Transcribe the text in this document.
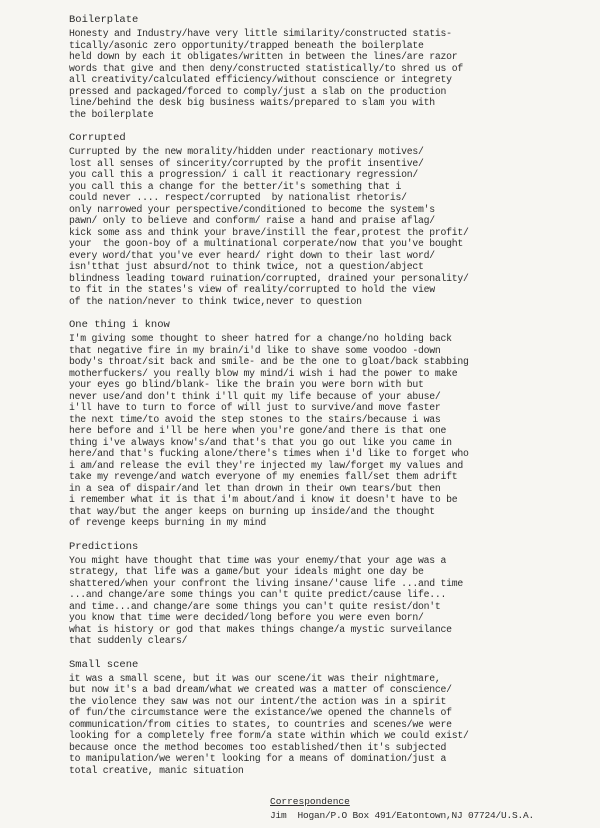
Boilerplate
Honesty and Industry/have very little similarity/constructed statis-
tically/asonic zero opportunity/trapped beneath the boilerplate
held down by each it obligates/written in between the lines/are razor
words that give and then deny/constructed statistically/to shred us of
all creativity/calculated efficiency/without conscience or integrety
pressed and packaged/forced to comply/just a slab on the production
line/behind the desk big business waits/prepared to slam you with
the boilerplate
Corrupted
Currupted by the new morality/hidden under reactionary motives/
lost all senses of sincerity/corrupted by the profit insentive/
you call this a progression/ i call it reactionary regression/
you call this a change for the better/it's something that i
could never .... respect/corrupted  by nationalist rhetoris/
only narrowed your perspective/conditioned to become the system's
pawn/ only to believe and conform/ raise a hand and praise aflag/
kick some ass and think your brave/instill the fear,protest the profit/
your  the goon-boy of a multinational corperate/now that you've bought
every word/that you've ever heard/ right down to their last word/
isn'tthat just absurd/not to think twice, not a question/abject
blindness leading toward ruination/corrupted, drained your personality/
to fit in the states's view of reality/corrupted to hold the view
of the nation/never to think twice,never to question
One thing i know
I'm giving some thought to sheer hatred for a change/no holding back
that negative fire in my brain/i'd like to shave some voodoo -down
body's throat/sit back and smile- and be the one to gloat/back stabbing
motherfuckers/ you really blow my mind/i wish i had the power to make
your eyes go blind/blank- like the brain you were born with but
never use/and don't think i'll quit my life because of your abuse/
i'll have to turn to force of will just to survive/and move faster
the next time/to avoid the step stones to the stairs/because i was
here before and i'll be here when you're gone/and there is that one
thing i've always know's/and that's that you go out like you came in
here/and that's fucking alone/there's times when i'd like to forget who
i am/and release the evil they're injected my law/forget my values and
take my revenge/and watch everyone of my enemies fall/set them adrift
in a sea of dispair/and let than drown in their own tears/but then
i remember what it is that i'm about/and i know it doesn't have to be
that way/but the anger keeps on burning up inside/and the thought
of revenge keeps burning in my mind
Predictions
You might have thought that time was your enemy/that your age was a
strategy, that life was a game/but your ideals might one day be
shattered/when your confront the living insane/'cause life ...and time
...and change/are some things you can't quite predict/cause life...
and time...and change/are some things you can't quite resist/don't
you know that time were decided/long before you were even born/
what is history or god that makes things change/a mystic surveilance
that suddenly clears/
Small scene
it was a small scene, but it was our scene/it was their nightmare,
but now it's a bad dream/what we created was a matter of conscience/
the violence they saw was not our intent/the action was in a spirit
of fun/the circumstance were the existance/we opened the channels of
communication/from cities to states, to countries and scenes/we were
looking for a completely free form/a state within which we could exist/
because once the method becomes too established/then it's subjected
to manipulation/we weren't looking for a means of domination/just a
total creative, manic situation
Correspondence
Jim  Hogan/P.O Box 491/Eatontown,NJ 07724/U.S.A.
